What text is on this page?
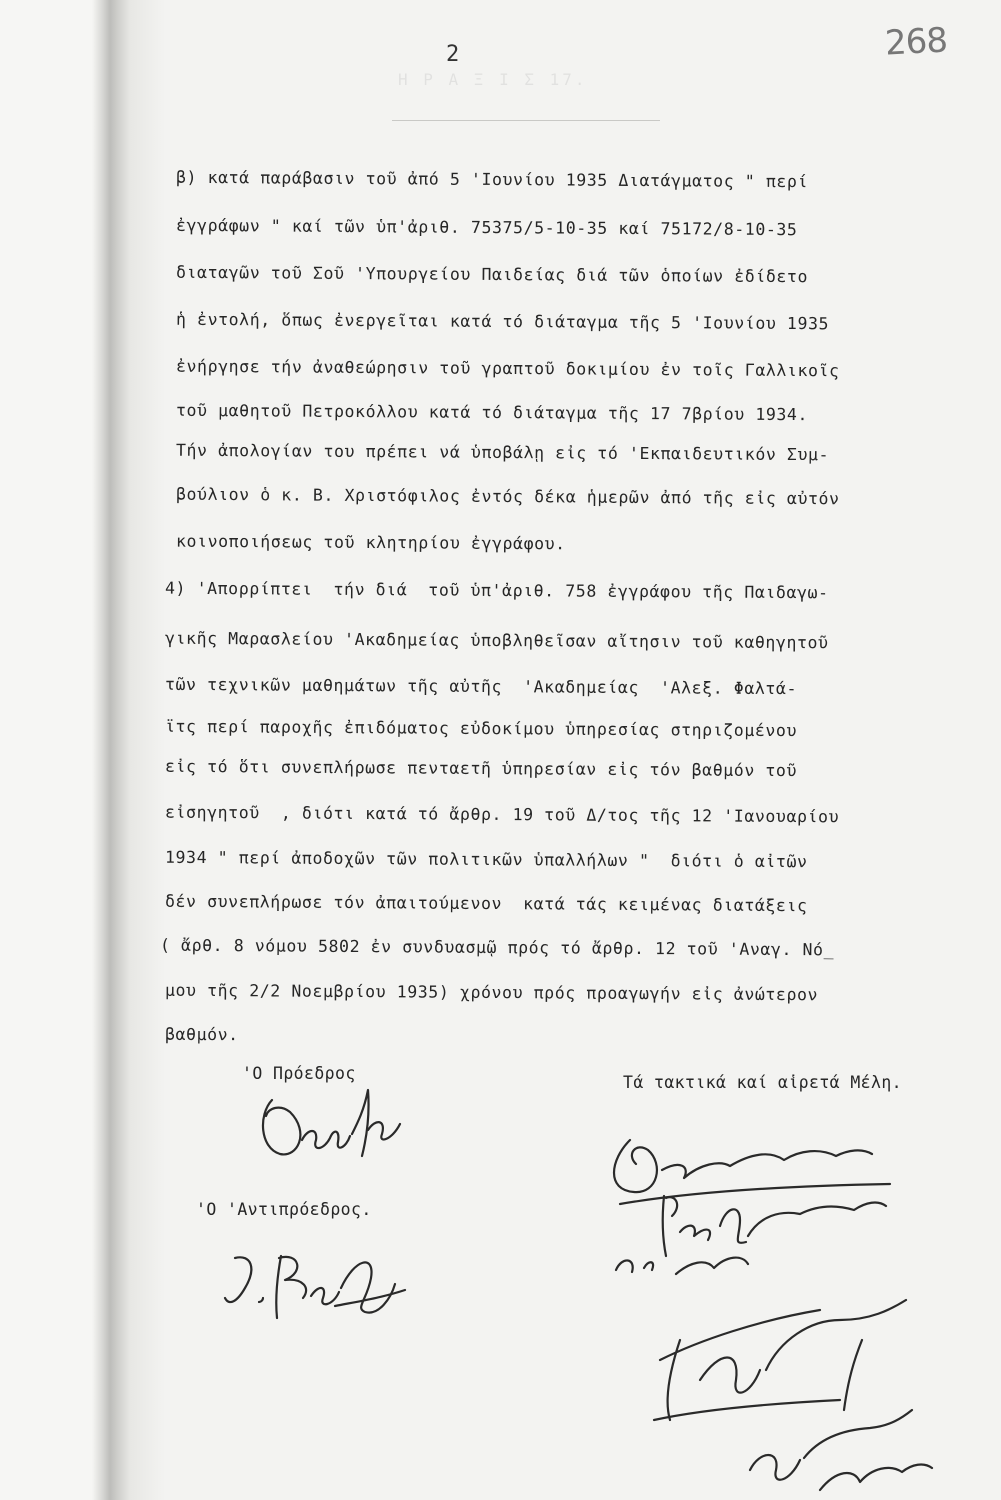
Η Ρ Α Ξ Ι Σ 17.
2	268
β) κατά παράβασιν τοῦ ἀπό 5 'Ιουνίου 1935 Διατάγματος " περί
ἐγγράφων " καί τῶν ὑπ'ἀριθ. 75375/5-10-35 καί 75172/8-10-35
διαταγῶν τοῦ Σοῦ 'Υπουργείου Παιδείας διά τῶν ὁποίων ἐδίδετο
ἡ ἐντολή, ὅπως ἐνεργεῖται κατά τό διάταγμα τῆς 5 'Ιουνίου 1935
ἐνήργησε τήν ἀναθεώρησιν τοῦ γραπτοῦ δοκιμίου ἐν τοῖς Γαλλικοῖς
τοῦ μαθητοῦ Πετροκόλλου κατά τό διάταγμα τῆς 17 7βρίου 1934.
Τήν ἀπολογίαν του πρέπει νά ὑποβάλῃ εἰς τό 'Εκπαιδευτικόν Συμ-
βούλιον ὁ κ. Β. Χριστόφιλος ἐντός δέκα ἡμερῶν ἀπό τῆς εἰς αὐτόν
κοινοποιήσεως τοῦ κλητηρίου ἐγγράφου.
4) 'Απορρίπτει  τήν διά  τοῦ ὑπ'ἀριθ. 758 ἐγγράφου τῆς Παιδαγω-
γικῆς Μαρασλείου 'Ακαδημείας ὑποβληθεῖσαν αἴτησιν τοῦ καθηγητοῦ
τῶν τεχνικῶν μαθημάτων τῆς αὐτῆς  'Ακαδημείας  'Αλεξ. Φαλτά-
ϊτς περί παροχῆς ἐπιδόματος εὐδοκίμου ὑπηρεσίας στηριζομένου
εἰς τό ὅτι συνεπλήρωσε πενταετῆ ὑπηρεσίαν εἰς τόν βαθμόν τοῦ
εἰσηγητοῦ  , διότι κατά τό ἄρθρ. 19 τοῦ Δ/τος τῆς 12 'Ιανουαρίου
1934 " περί ἀποδοχῶν τῶν πολιτικῶν ὑπαλλήλων "  διότι ὁ αἰτῶν
δέν συνεπλήρωσε τόν ἀπαιτούμενον  κατά τάς κειμένας διατάξεις
( ἄρθ. 8 νόμου 5802 ἐν συνδυασμῷ πρός τό ἄρθρ. 12 τοῦ 'Αναγ. Νό_
μου τῆς 2/2 Νοεμβρίου 1935) χρόνου πρός προαγωγήν εἰς ἀνώτερον
βαθμόν.
'Ο Πρόεδρος	Τά τακτικά καί αἱρετά Μέλη.
'Ο 'Αντιπρόεδρος.
